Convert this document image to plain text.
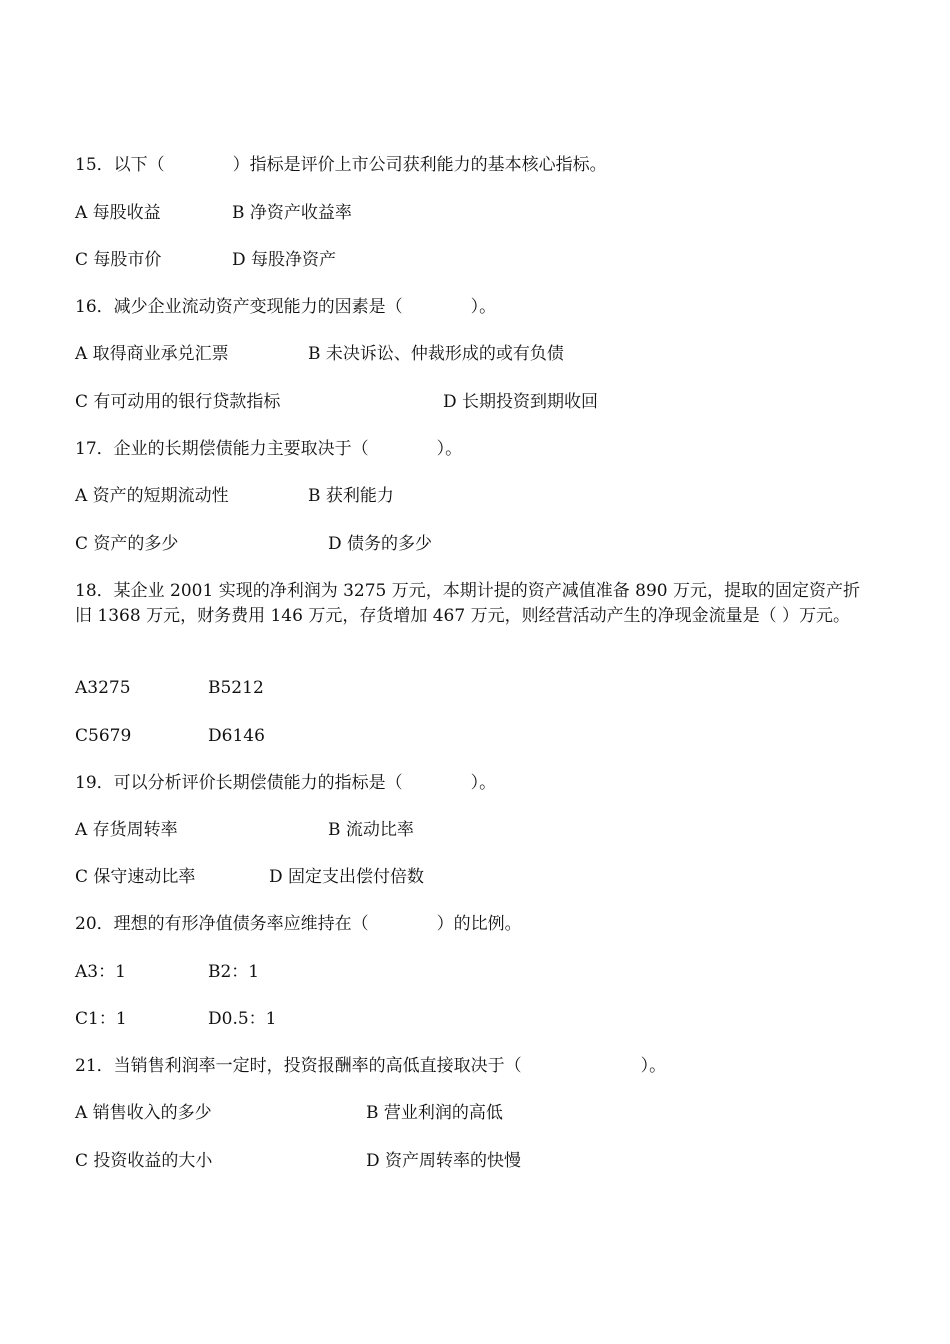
15．以下（　　　　）指标是评价上市公司获利能力的基本核心指标。
A 每股收益	B 净资产收益率
C 每股市价	D 每股净资产
16．减少企业流动资产变现能力的因素是（　　　　）。
A 取得商业承兑汇票	B 未决诉讼、仲裁形成的或有负债
C 有可动用的银行贷款指标	D 长期投资到期收回
17．企业的长期偿债能力主要取决于（　　　　）。
A 资产的短期流动性	B 获利能力
C 资产的多少	D 债务的多少
18．某企业 2001 实现的净利润为 3275 万元，本期计提的资产减值准备 890 万元，提取的固定资产折旧 1368 万元，财务费用 146 万元，存货增加 467 万元，则经营活动产生的净现金流量是（ ）万元。
A3275	B5212
C5679	D6146
19．可以分析评价长期偿债能力的指标是（　　　　）。
A 存货周转率	B 流动比率
C 保守速动比率	D 固定支出偿付倍数
20．理想的有形净值债务率应维持在（　　　　）的比例。
A3：1	B2：1
C1：1	D0.5：1
21．当销售利润率一定时，投资报酬率的高低直接取决于（　　　　　　　）。
A 销售收入的多少	B 营业利润的高低
C 投资收益的大小	D 资产周转率的快慢
